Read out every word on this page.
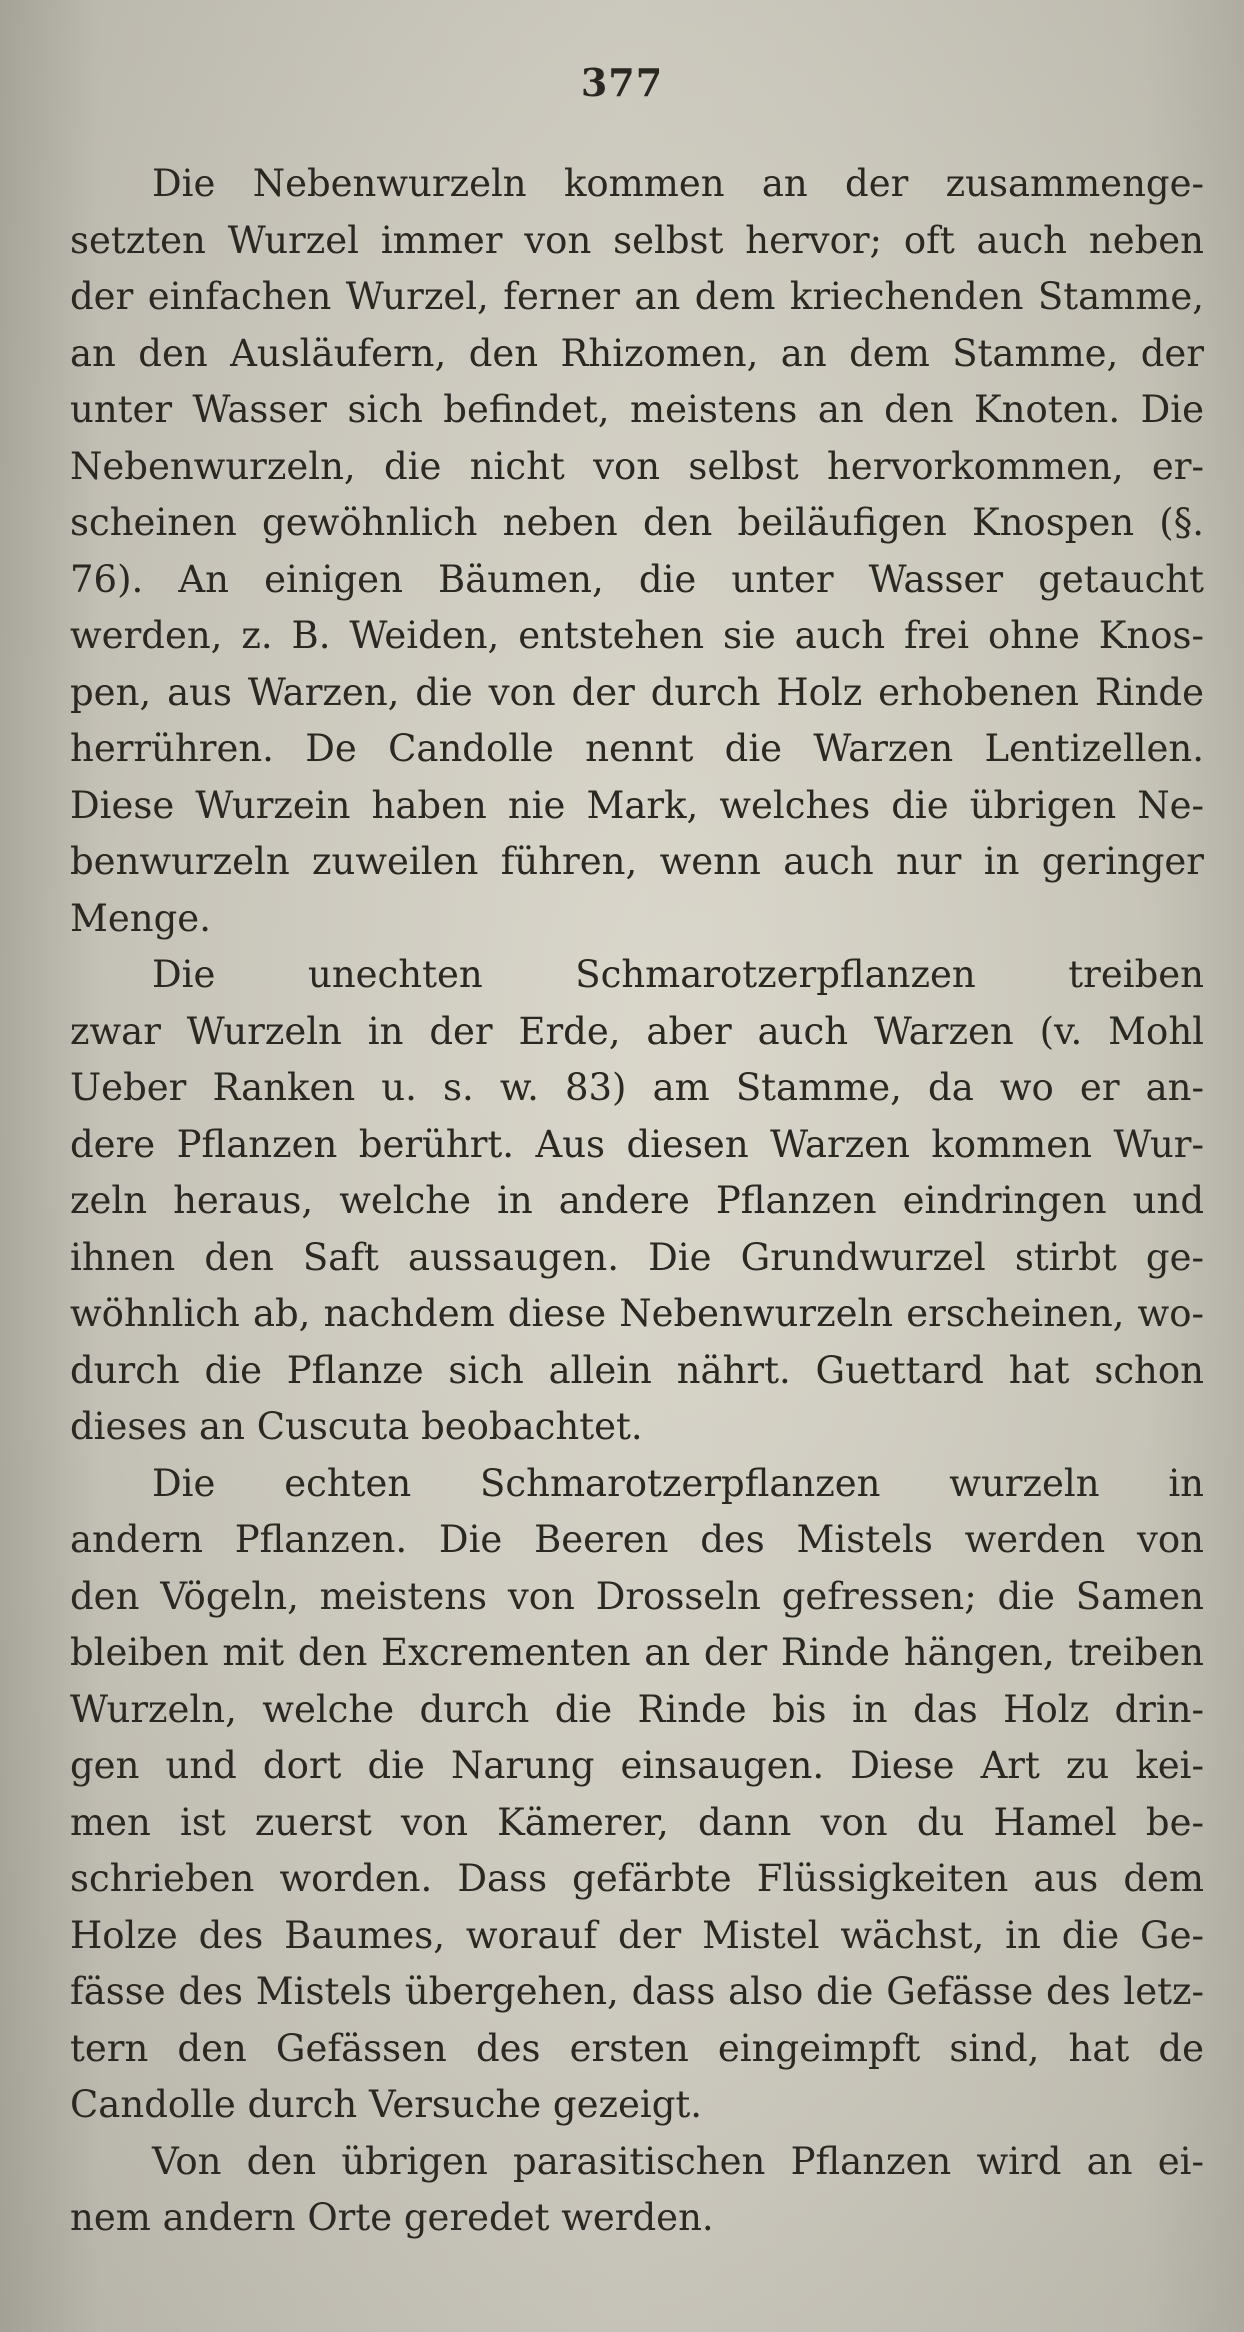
377
Die Nebenwurzeln kommen an der zusammenge-
setzten Wurzel immer von selbst hervor; oft auch neben
der einfachen Wurzel, ferner an dem kriechenden Stamme,
an den Ausläufern, den Rhizomen, an dem Stamme, der
unter Wasser sich befindet, meistens an den Knoten. Die
Nebenwurzeln, die nicht von selbst hervorkommen, er-
scheinen gewöhnlich neben den beiläufigen Knospen (§.
76). An einigen Bäumen, die unter Wasser getaucht
werden, z. B. Weiden, entstehen sie auch frei ohne Knos-
pen, aus Warzen, die von der durch Holz erhobenen Rinde
herrühren. De Candolle nennt die Warzen Lentizellen.
Diese Wurzein haben nie Mark, welches die übrigen Ne-
benwurzeln zuweilen führen, wenn auch nur in geringer
Menge.
Die unechten Schmarotzerpflanzen treiben
zwar Wurzeln in der Erde, aber auch Warzen (v. Mohl
Ueber Ranken u. s. w. 83) am Stamme, da wo er an-
dere Pflanzen berührt. Aus diesen Warzen kommen Wur-
zeln heraus, welche in andere Pflanzen eindringen und
ihnen den Saft aussaugen. Die Grundwurzel stirbt ge-
wöhnlich ab, nachdem diese Nebenwurzeln erscheinen, wo-
durch die Pflanze sich allein nährt. Guettard hat schon
dieses an Cuscuta beobachtet.
Die echten Schmarotzerpflanzen wurzeln in
andern Pflanzen. Die Beeren des Mistels werden von
den Vögeln, meistens von Drosseln gefressen; die Samen
bleiben mit den Excrementen an der Rinde hängen, treiben
Wurzeln, welche durch die Rinde bis in das Holz drin-
gen und dort die Narung einsaugen. Diese Art zu kei-
men ist zuerst von Kämerer, dann von du Hamel be-
schrieben worden. Dass gefärbte Flüssigkeiten aus dem
Holze des Baumes, worauf der Mistel wächst, in die Ge-
fässe des Mistels übergehen, dass also die Gefässe des letz-
tern den Gefässen des ersten eingeimpft sind, hat de
Candolle durch Versuche gezeigt.
Von den übrigen parasitischen Pflanzen wird an ei-
nem andern Orte geredet werden.
